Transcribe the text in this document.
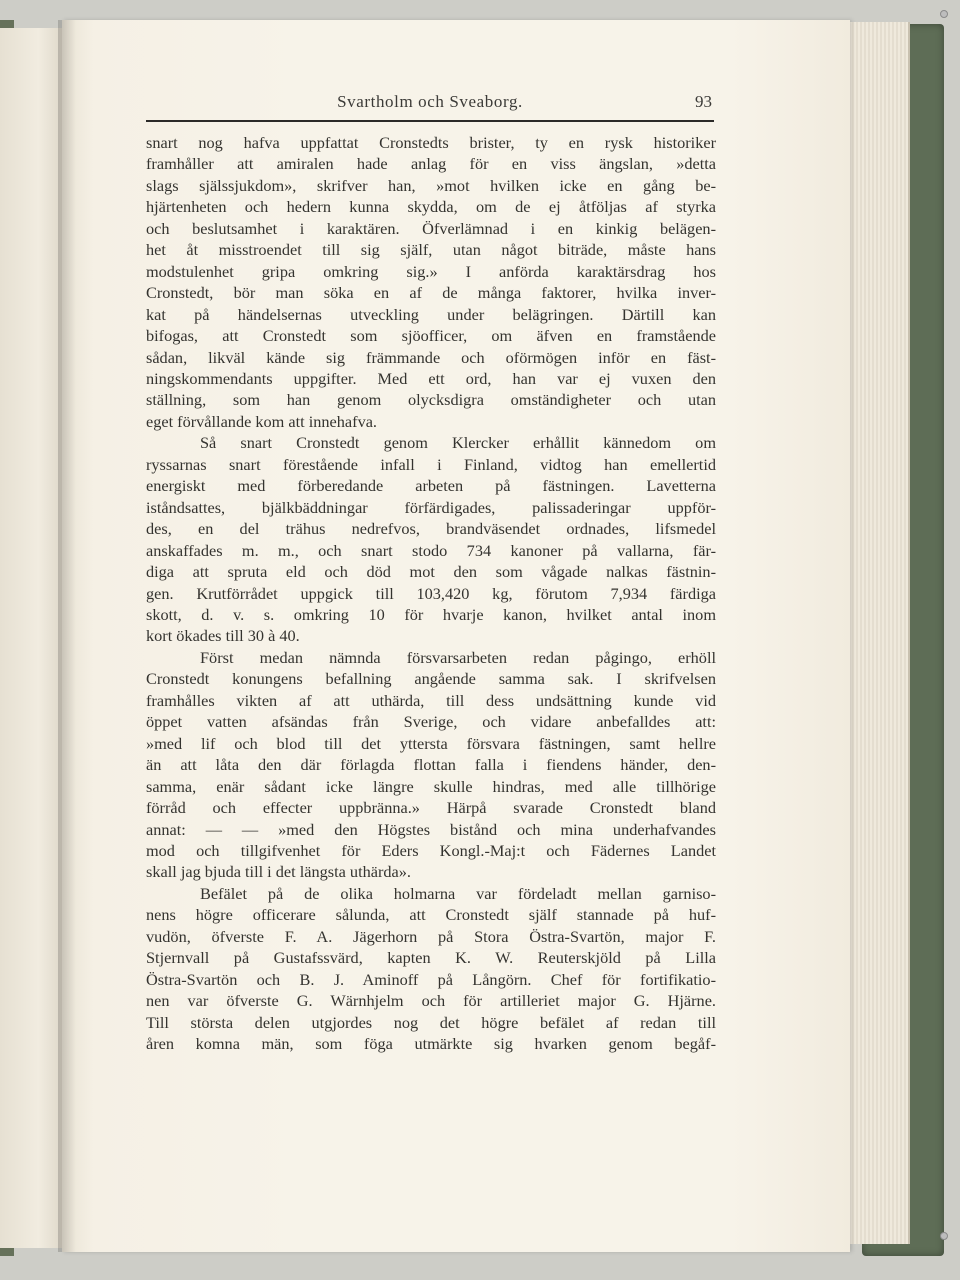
Svartholm och Sveaborg.	93
snart nog hafva uppfattat Cronstedts brister, ty en rysk historiker
framhåller att amiralen hade anlag för en viss ängslan, »detta
slags själssjukdom», skrifver han, »mot hvilken icke en gång be-
hjärtenheten och hedern kunna skydda, om de ej åtföljas af styrka
och beslutsamhet i karaktären. Öfverlämnad i en kinkig belägen-
het åt misstroendet till sig själf, utan något biträde, måste hans
modstulenhet gripa omkring sig.» I anförda karaktärsdrag hos
Cronstedt, bör man söka en af de många faktorer, hvilka inver-
kat på händelsernas utveckling under belägringen. Därtill kan
bifogas, att Cronstedt som sjöofficer, om äfven en framstående
sådan, likväl kände sig främmande och oförmögen inför en fäst-
ningskommendants uppgifter. Med ett ord, han var ej vuxen den
ställning, som han genom olycksdigra omständigheter och utan
eget förvållande kom att innehafva.
Så snart Cronstedt genom Klercker erhållit kännedom om
ryssarnas snart förestående infall i Finland, vidtog han emellertid
energiskt med förberedande arbeten på fästningen. Lavetterna
iståndsattes, bjälkbäddningar förfärdigades, palissaderingar uppför-
des, en del trähus nedrefvos, brandväsendet ordnades, lifsmedel
anskaffades m. m., och snart stodo 734 kanoner på vallarna, fär-
diga att spruta eld och död mot den som vågade nalkas fästnin-
gen. Krutförrådet uppgick till 103,420 kg, förutom 7,934 färdiga
skott, d. v. s. omkring 10 för hvarje kanon, hvilket antal inom
kort ökades till 30 à 40.
Först medan nämnda försvarsarbeten redan pågingo, erhöll
Cronstedt konungens befallning angående samma sak. I skrifvelsen
framhålles vikten af att uthärda, till dess undsättning kunde vid
öppet vatten afsändas från Sverige, och vidare anbefalldes att:
»med lif och blod till det yttersta försvara fästningen, samt hellre
än att låta den där förlagda flottan falla i fiendens händer, den-
samma, enär sådant icke längre skulle hindras, med alle tillhörige
förråd och effecter uppbränna.» Härpå svarade Cronstedt bland
annat: — — »med den Högstes bistånd och mina underhafvandes
mod och tillgifvenhet för Eders Kongl.-Maj:t och Fädernes Landet
skall jag bjuda till i det längsta uthärda».
Befälet på de olika holmarna var fördeladt mellan garniso-
nens högre officerare sålunda, att Cronstedt själf stannade på huf-
vudön, öfverste F. A. Jägerhorn på Stora Östra-Svartön, major F.
Stjernvall på Gustafssvärd, kapten K. W. Reuterskjöld på Lilla
Östra-Svartön och B. J. Aminoff på Långörn. Chef för fortifikatio-
nen var öfverste G. Wärnhjelm och för artilleriet major G. Hjärne.
Till största delen utgjordes nog det högre befälet af redan till
åren komna män, som föga utmärkte sig hvarken genom begåf-
